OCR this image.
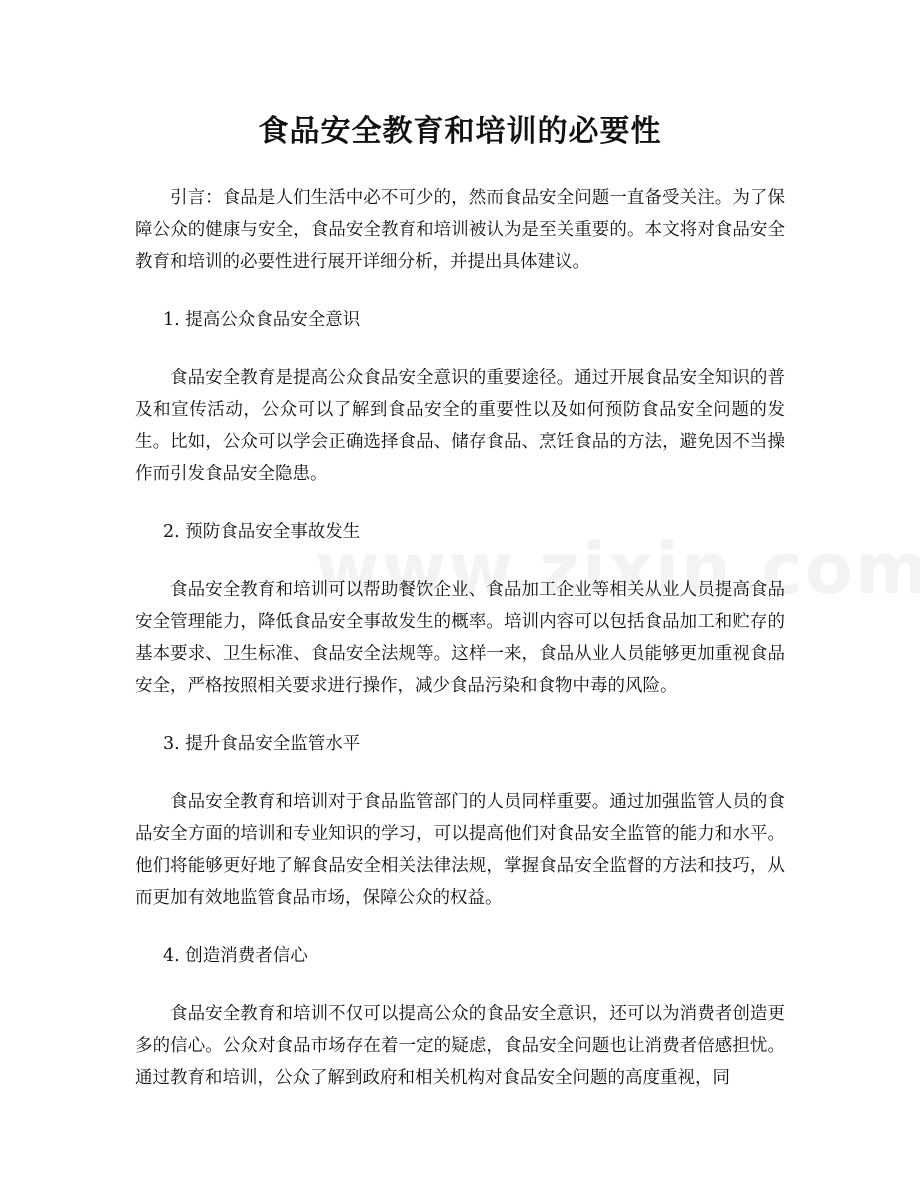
食品安全教育和培训的必要性

引言：食品是人们生活中必不可少的，然而食品安全问题一直备受关注。为了保障公众的健康与安全，食品安全教育和培训被认为是至关重要的。本文将对食品安全教育和培训的必要性进行展开详细分析，并提出具体建议。

1. 提高公众食品安全意识

食品安全教育是提高公众食品安全意识的重要途径。通过开展食品安全知识的普及和宣传活动，公众可以了解到食品安全的重要性以及如何预防食品安全问题的发生。比如，公众可以学会正确选择食品、储存食品、烹饪食品的方法，避免因不当操作而引发食品安全隐患。

2. 预防食品安全事故发生

食品安全教育和培训可以帮助餐饮企业、食品加工企业等相关从业人员提高食品安全管理能力，降低食品安全事故发生的概率。培训内容可以包括食品加工和贮存的基本要求、卫生标准、食品安全法规等。这样一来，食品从业人员能够更加重视食品安全，严格按照相关要求进行操作，减少食品污染和食物中毒的风险。

3. 提升食品安全监管水平

食品安全教育和培训对于食品监管部门的人员同样重要。通过加强监管人员的食品安全方面的培训和专业知识的学习，可以提高他们对食品安全监管的能力和水平。他们将能够更好地了解食品安全相关法律法规，掌握食品安全监督的方法和技巧，从而更加有效地监管食品市场，保障公众的权益。

4. 创造消费者信心

食品安全教育和培训不仅可以提高公众的食品安全意识，还可以为消费者创造更多的信心。公众对食品市场存在着一定的疑虑，食品安全问题也让消费者倍感担忧。通过教育和培训，公众了解到政府和相关机构对食品安全问题的高度重视，同
